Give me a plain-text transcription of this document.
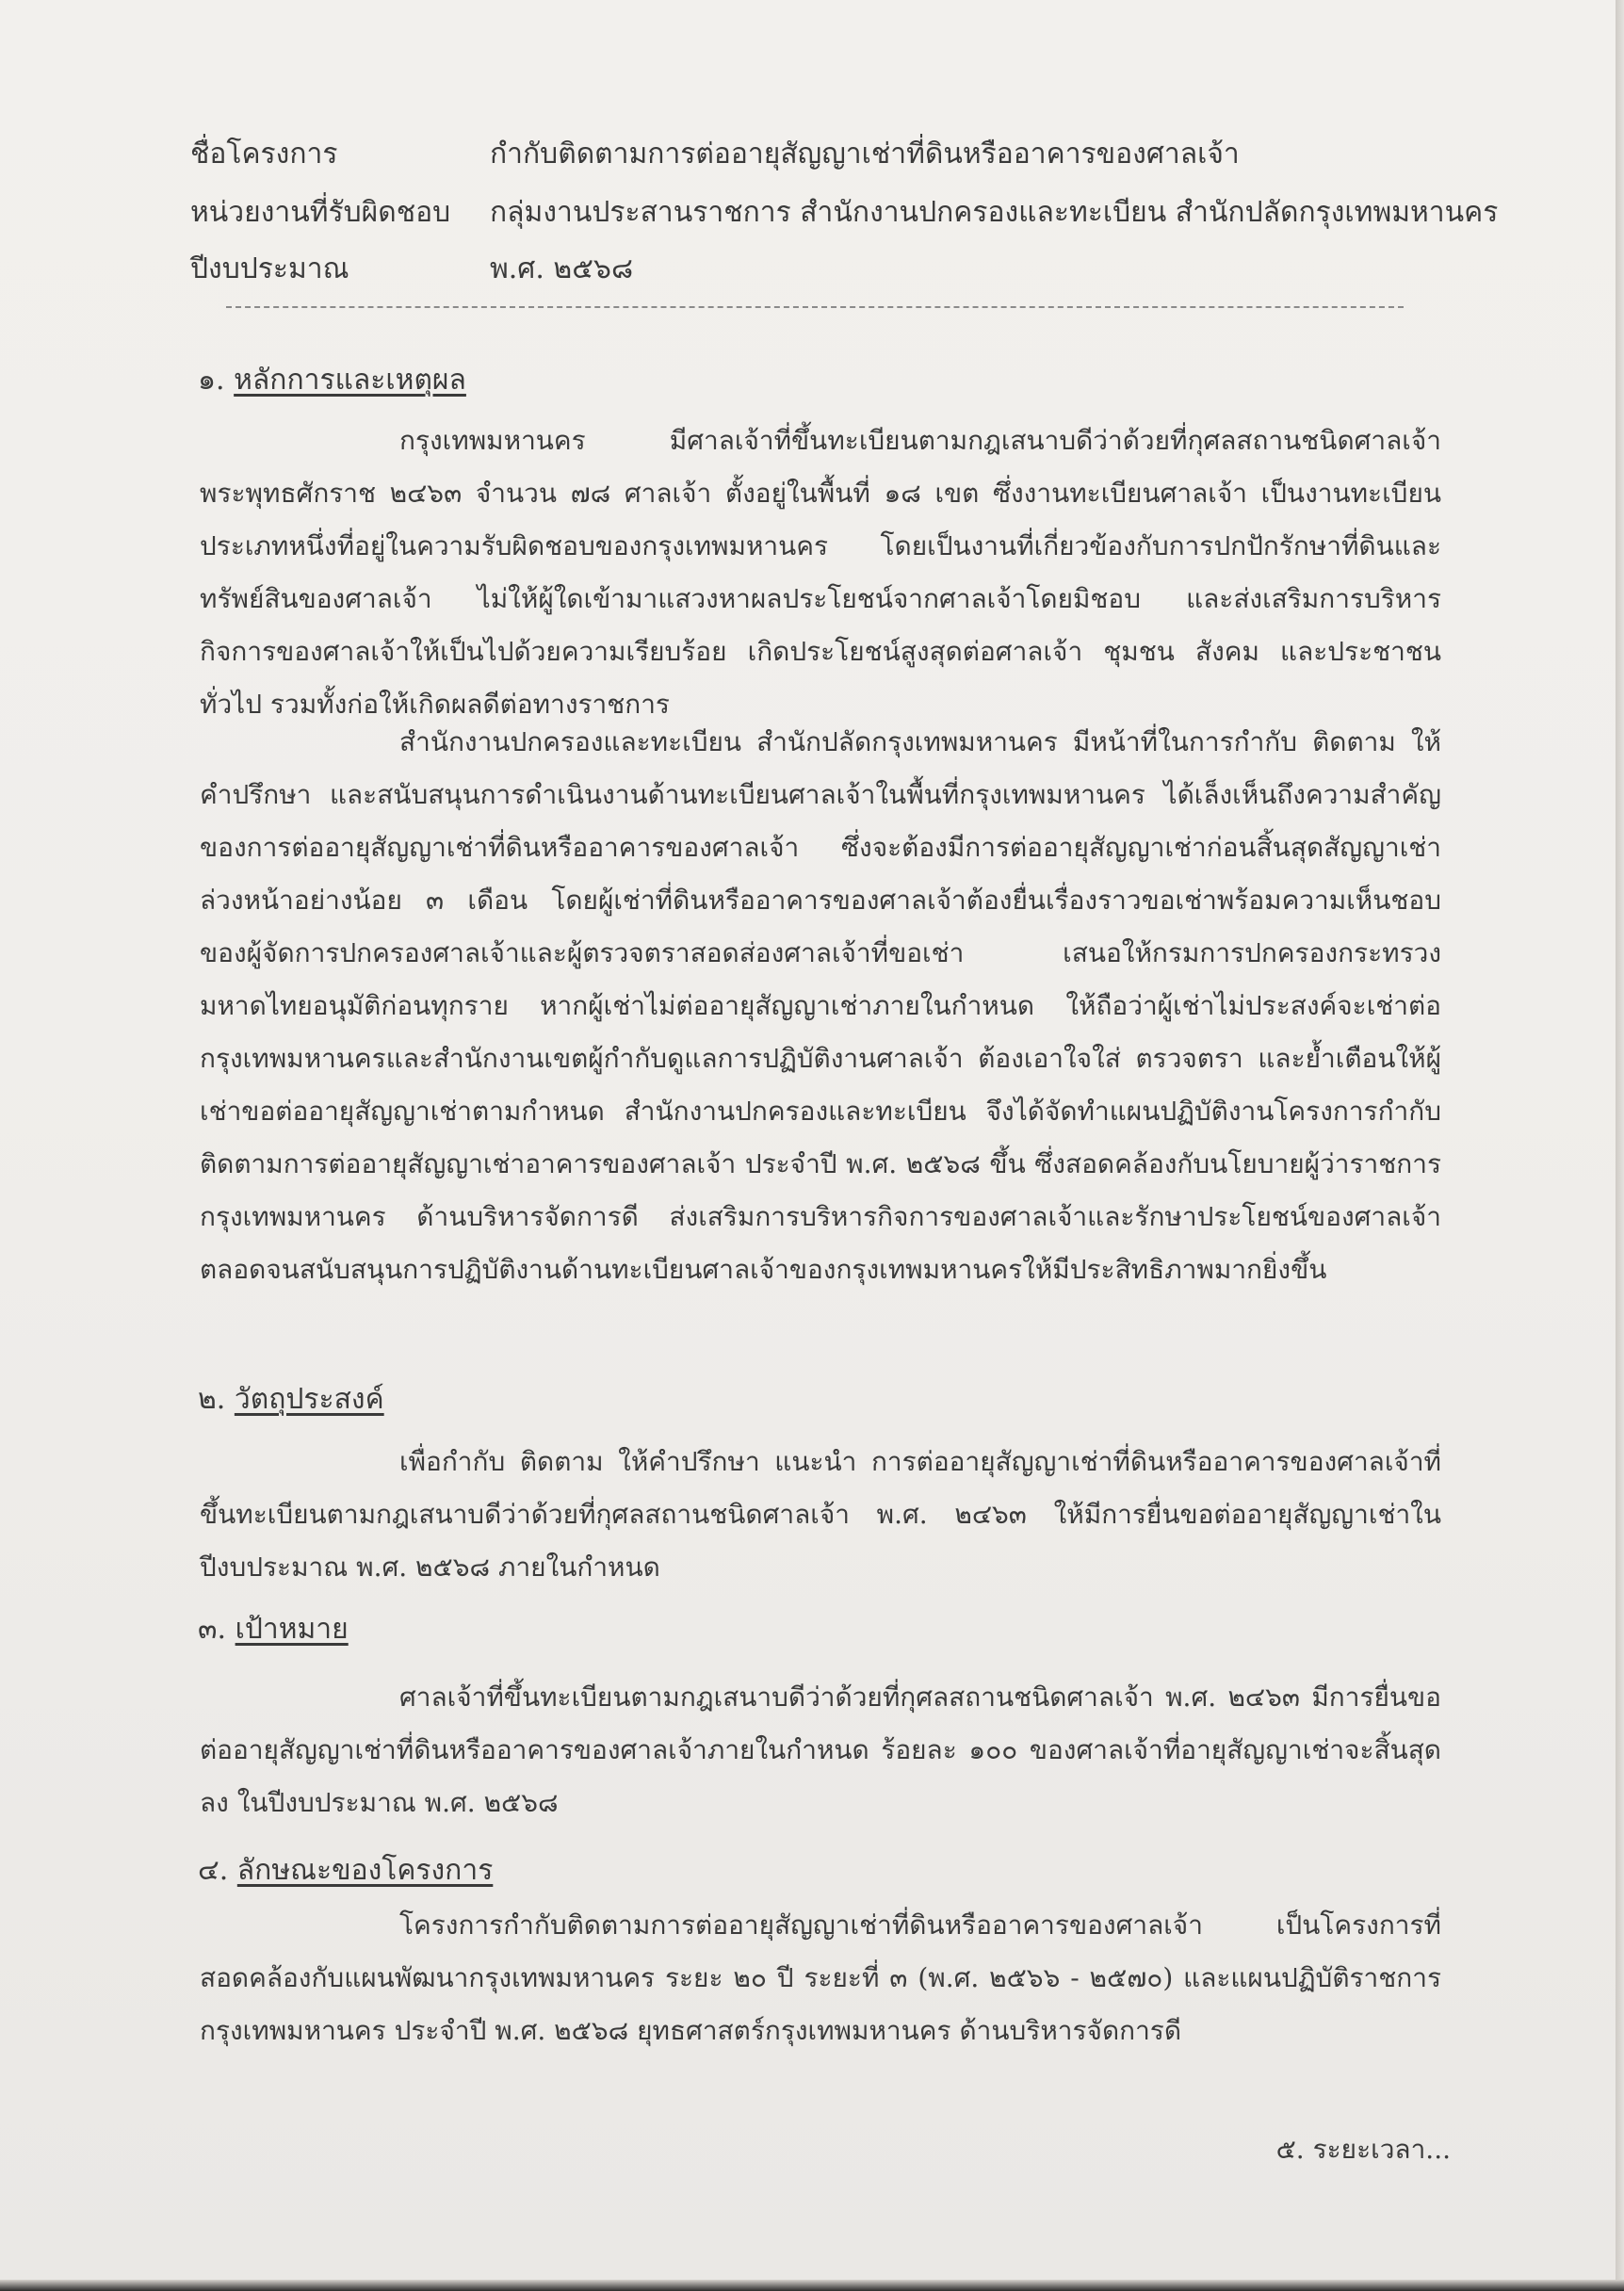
ชื่อโครงการ	กำกับติดตามการต่ออายุสัญญาเช่าที่ดินหรืออาคารของศาลเจ้า
หน่วยงานที่รับผิดชอบ	กลุ่มงานประสานราชการ สำนักงานปกครองและทะเบียน สำนักปลัดกรุงเทพมหานคร
ปีงบประมาณ	พ.ศ. ๒๕๖๘
๑. หลักการและเหตุผล

กรุงเทพมหานคร มีศาลเจ้าที่ขึ้นทะเบียนตามกฎเสนาบดีว่าด้วยที่กุศลสถานชนิดศาลเจ้า พระพุทธศักราช ๒๔๖๓ จำนวน ๗๘ ศาลเจ้า ตั้งอยู่ในพื้นที่ ๑๘ เขต ซึ่งงานทะเบียนศาลเจ้า เป็นงานทะเบียนประเภทหนึ่งที่อยู่ในความรับผิดชอบของกรุงเทพมหานคร โดยเป็นงานที่เกี่ยวข้องกับการปกปักรักษาที่ดินและทรัพย์สินของศาลเจ้า ไม่ให้ผู้ใดเข้ามาแสวงหาผลประโยชน์จากศาลเจ้าโดยมิชอบ และส่งเสริมการบริหารกิจการของศาลเจ้าให้เป็นไปด้วยความเรียบร้อย เกิดประโยชน์สูงสุดต่อศาลเจ้า ชุมชน สังคม และประชาชนทั่วไป รวมทั้งก่อให้เกิดผลดีต่อทางราชการ

สำนักงานปกครองและทะเบียน สำนักปลัดกรุงเทพมหานคร มีหน้าที่ในการกำกับ ติดตาม ให้คำปรึกษา และสนับสนุนการดำเนินงานด้านทะเบียนศาลเจ้าในพื้นที่กรุงเทพมหานคร ได้เล็งเห็นถึงความสำคัญของการต่ออายุสัญญาเช่าที่ดินหรืออาคารของศาลเจ้า ซึ่งจะต้องมีการต่ออายุสัญญาเช่าก่อนสิ้นสุดสัญญาเช่าล่วงหน้าอย่างน้อย ๓ เดือน โดยผู้เช่าที่ดินหรืออาคารของศาลเจ้าต้องยื่นเรื่องราวขอเช่าพร้อมความเห็นชอบของผู้จัดการปกครองศาลเจ้าและผู้ตรวจตราสอดส่องศาลเจ้าที่ขอเช่า เสนอให้กรมการปกครองกระทรวงมหาดไทยอนุมัติก่อนทุกราย หากผู้เช่าไม่ต่ออายุสัญญาเช่าภายในกำหนด ให้ถือว่าผู้เช่าไม่ประสงค์จะเช่าต่อ กรุงเทพมหานครและสำนักงานเขตผู้กำกับดูแลการปฏิบัติงานศาลเจ้า ต้องเอาใจใส่ ตรวจตรา และย้ำเตือนให้ผู้เช่าขอต่ออายุสัญญาเช่าตามกำหนด สำนักงานปกครองและทะเบียน จึงได้จัดทำแผนปฏิบัติงานโครงการกำกับติดตามการต่ออายุสัญญาเช่าอาคารของศาลเจ้า ประจำปี พ.ศ. ๒๕๖๘ ขึ้น ซึ่งสอดคล้องกับนโยบายผู้ว่าราชการกรุงเทพมหานคร ด้านบริหารจัดการดี ส่งเสริมการบริหารกิจการของศาลเจ้าและรักษาประโยชน์ของศาลเจ้า ตลอดจนสนับสนุนการปฏิบัติงานด้านทะเบียนศาลเจ้าของกรุงเทพมหานครให้มีประสิทธิภาพมากยิ่งขึ้น

๒. วัตถุประสงค์

เพื่อกำกับ ติดตาม ให้คำปรึกษา แนะนำ การต่ออายุสัญญาเช่าที่ดินหรืออาคารของศาลเจ้าที่ขึ้นทะเบียนตามกฎเสนาบดีว่าด้วยที่กุศลสถานชนิดศาลเจ้า พ.ศ. ๒๔๖๓ ให้มีการยื่นขอต่ออายุสัญญาเช่าในปีงบประมาณ พ.ศ. ๒๕๖๘ ภายในกำหนด

๓. เป้าหมาย

ศาลเจ้าที่ขึ้นทะเบียนตามกฎเสนาบดีว่าด้วยที่กุศลสถานชนิดศาลเจ้า พ.ศ. ๒๔๖๓ มีการยื่นขอต่ออายุสัญญาเช่าที่ดินหรืออาคารของศาลเจ้าภายในกำหนด ร้อยละ ๑๐๐ ของศาลเจ้าที่อายุสัญญาเช่าจะสิ้นสุดลง ในปีงบประมาณ พ.ศ. ๒๕๖๘

๔. ลักษณะของโครงการ

โครงการกำกับติดตามการต่ออายุสัญญาเช่าที่ดินหรืออาคารของศาลเจ้า เป็นโครงการที่สอดคล้องกับแผนพัฒนากรุงเทพมหานคร ระยะ ๒๐ ปี ระยะที่ ๓ (พ.ศ. ๒๕๖๖ - ๒๕๗๐) และแผนปฏิบัติราชการกรุงเทพมหานคร ประจำปี พ.ศ. ๒๕๖๘ ยุทธศาสตร์กรุงเทพมหานคร ด้านบริหารจัดการดี

๕. ระยะเวลา...
